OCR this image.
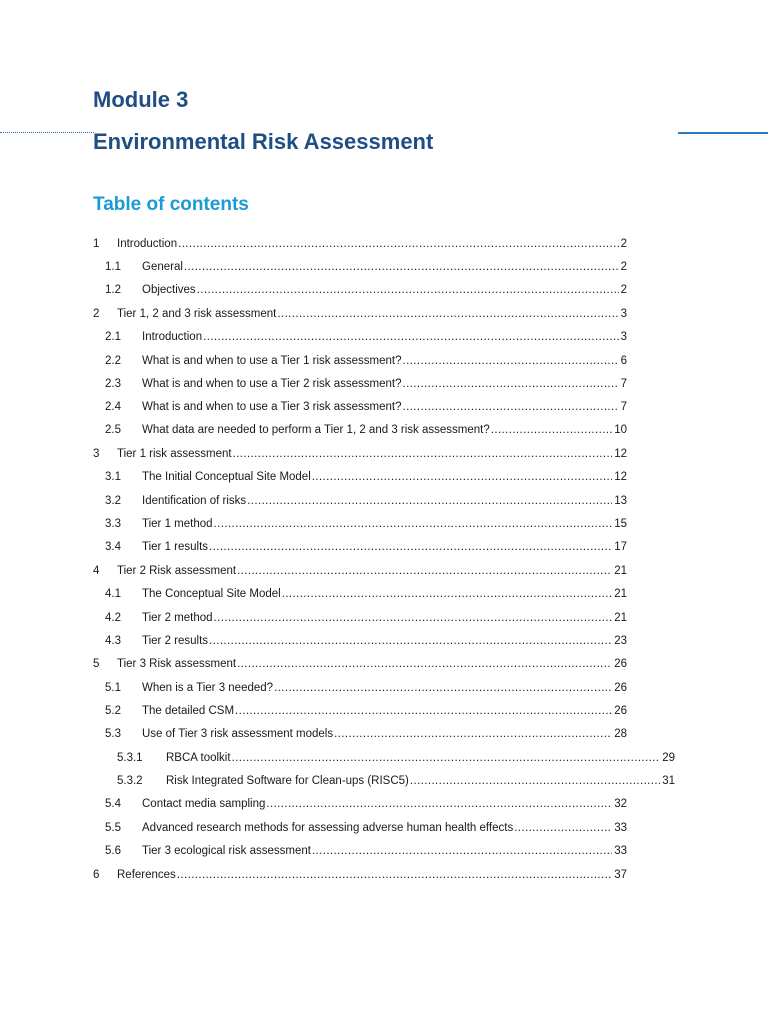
Module 3
Environmental Risk Assessment
Table of contents
1 Introduction .....	2
1.1 General .....	2
1.2 Objectives .....	2
2 Tier 1, 2 and 3 risk assessment .....	3
2.1 Introduction .....	3
2.2 What is and when to use a Tier 1 risk assessment? .....	6
2.3 What is and when to use a Tier 2 risk assessment? .....	7
2.4 What is and when to use a Tier 3 risk assessment? .....	7
2.5 What data are needed to perform a Tier 1, 2 and 3 risk assessment? .....	10
3 Tier 1 risk assessment .....	12
3.1 The Initial Conceptual Site Model .....	12
3.2 Identification of risks .....	13
3.3 Tier 1 method .....	15
3.4 Tier 1 results .....	17
4 Tier 2 Risk assessment .....	21
4.1 The Conceptual Site Model .....	21
4.2 Tier 2 method .....	21
4.3 Tier 2 results .....	23
5 Tier 3 Risk assessment .....	26
5.1 When is a Tier 3 needed? .....	26
5.2 The detailed CSM .....	26
5.3 Use of Tier 3 risk assessment models .....	28
5.3.1 RBCA toolkit .....	29
5.3.2 Risk Integrated Software for Clean-ups (RISC5) .....	31
5.4 Contact media sampling .....	32
5.5 Advanced research methods for assessing adverse human health effects .....	33
5.6 Tier 3 ecological risk assessment .....	33
6 References .....	37
